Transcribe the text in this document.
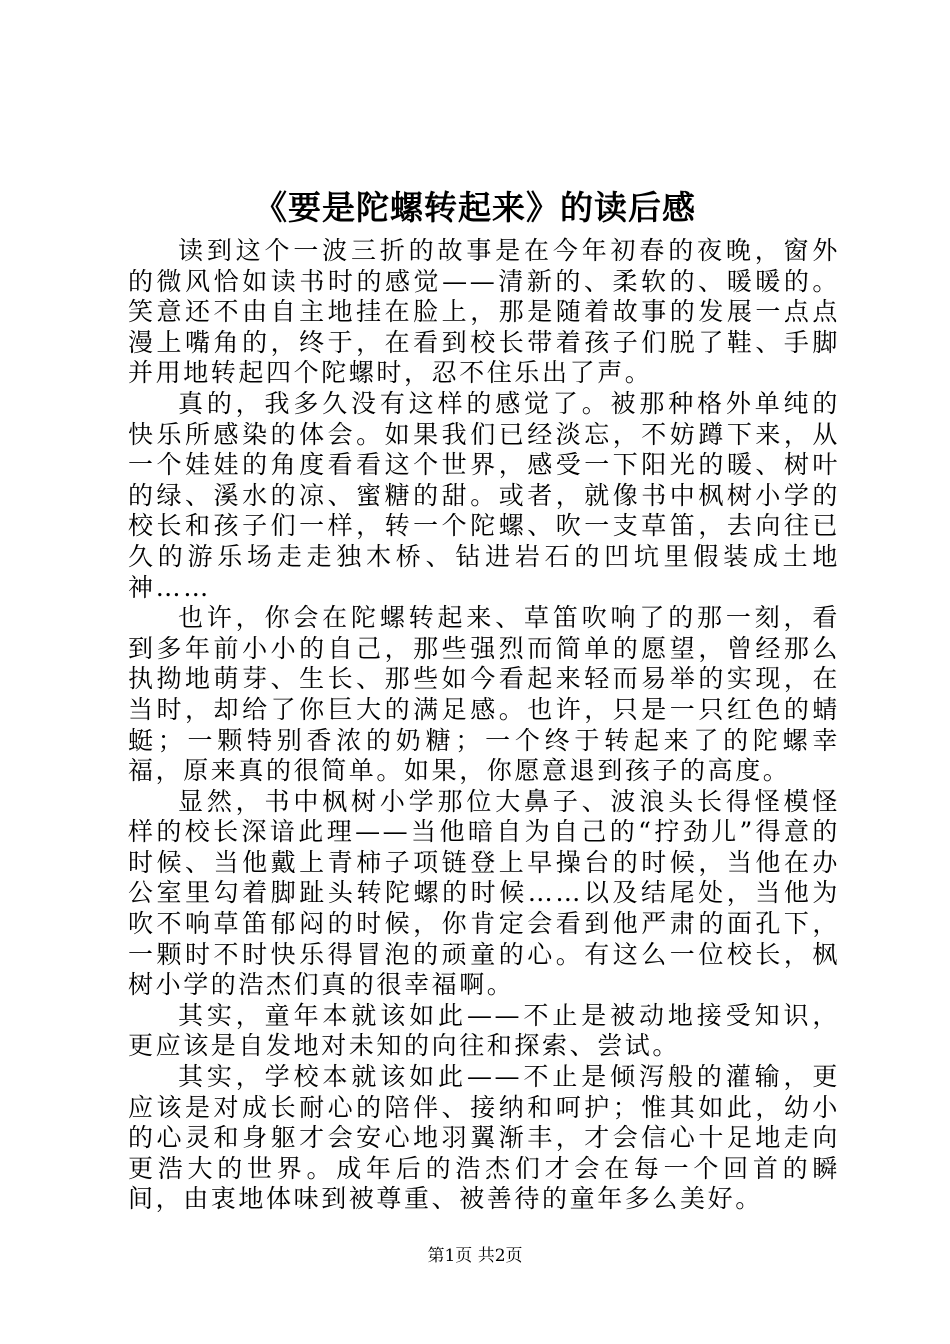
《要是陀螺转起来》的读后感

读到这个一波三折的故事是在今年初春的夜晚，窗外的微风恰如读书时的感觉——清新的、柔软的、暖暖的。笑意还不由自主地挂在脸上，那是随着故事的发展一点点漫上嘴角的，终于，在看到校长带着孩子们脱了鞋、手脚并用地转起四个陀螺时，忍不住乐出了声。

真的，我多久没有这样的感觉了。被那种格外单纯的快乐所感染的体会。如果我们已经淡忘，不妨蹲下来，从一个娃娃的角度看看这个世界，感受一下阳光的暖、树叶的绿、溪水的凉、蜜糖的甜。或者，就像书中枫树小学的校长和孩子们一样，转一个陀螺、吹一支草笛，去向往已久的游乐场走走独木桥、钻进岩石的凹坑里假装成土地神……

也许，你会在陀螺转起来、草笛吹响了的那一刻，看到多年前小小的自己，那些强烈而简单的愿望，曾经那么执拗地萌芽、生长、那些如今看起来轻而易举的实现，在当时，却给了你巨大的满足感。也许，只是一只红色的蜻蜓；一颗特别香浓的奶糖；一个终于转起来了的陀螺幸福，原来真的很简单。如果，你愿意退到孩子的高度。

显然，书中枫树小学那位大鼻子、波浪头长得怪模怪样的校长深谙此理——当他暗自为自己的“拧劲儿”得意的时候、当他戴上青柿子项链登上早操台的时候，当他在办公室里勾着脚趾头转陀螺的时候……以及结尾处，当他为吹不响草笛郁闷的时候，你肯定会看到他严肃的面孔下，一颗时不时快乐得冒泡的顽童的心。有这么一位校长，枫树小学的浩杰们真的很幸福啊。

其实，童年本就该如此——不止是被动地接受知识，更应该是自发地对未知的向往和探索、尝试。

其实，学校本就该如此——不止是倾泻般的灌输，更应该是对成长耐心的陪伴、接纳和呵护；惟其如此，幼小的心灵和身躯才会安心地羽翼渐丰，才会信心十足地走向更浩大的世界。成年后的浩杰们才会在每一个回首的瞬间，由衷地体味到被尊重、被善待的童年多么美好。

第1页 共2页
